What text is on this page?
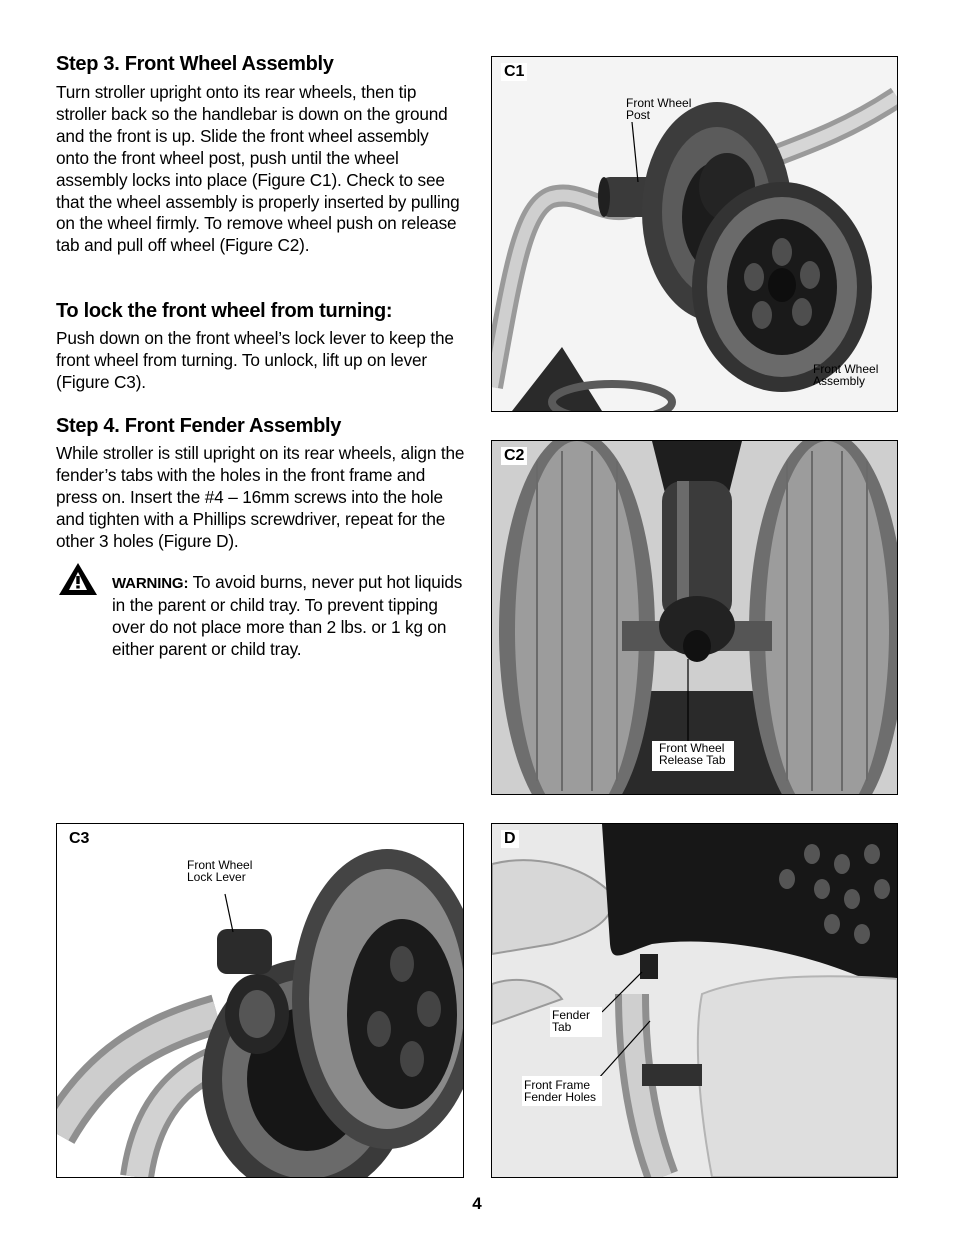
Step 3. Front Wheel Assembly

Turn stroller upright onto its rear wheels, then tip stroller back so the handlebar is down on the ground and the front is up. Slide the front wheel assembly onto the front wheel post, push until the wheel assembly locks into place (Figure C1). Check to see that the wheel assembly is properly inserted by pulling on the wheel firmly. To remove wheel push on release tab and pull off wheel (Figure C2).

To lock the front wheel from turning:

Push down on the front wheel’s lock lever to keep the front wheel from turning. To unlock, lift up on lever (Figure C3).

Step 4. Front Fender Assembly

While stroller is still upright on its rear wheels, align the fender’s tabs with the holes in the front frame and press on. Insert the #4 – 16mm screws into the hole and tighten with a Phillips screwdriver, repeat for the other 3 holes (Figure D).

WARNING: To avoid burns, never put hot liquids in the parent or child tray. To prevent tipping over do not place more than 2 lbs. or 1 kg on either parent or child tray.

C1
Front Wheel
Post
Front Wheel
Assembly
C2
Front Wheel
Release Tab
C3
Front Wheel
Lock Lever
D
Fender
Tab
Front Frame
Fender Holes
4
